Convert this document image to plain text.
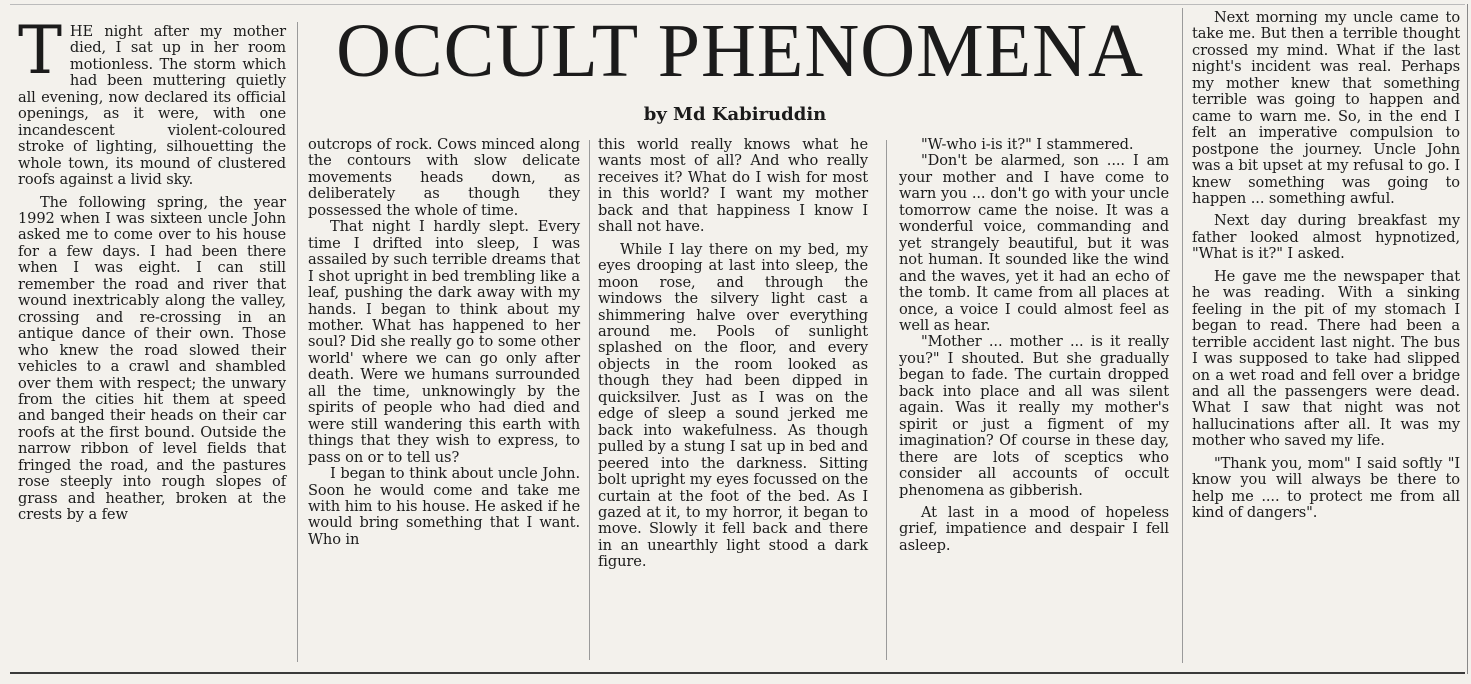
OCCULT PHENOMENA
by Md Kabiruddin

THE night after my mother died, I sat up in her room motionless. The storm which had been muttering quietly all evening, now declared its official openings, as it were, with one incandescent violent-coloured stroke of lighting, silhouetting the whole town, its mound of clustered roofs against a livid sky.

The following spring, the year 1992 when I was sixteen uncle John asked me to come over to his house for a few days. I had been there when I was eight. I can still remember the road and river that wound inextricably along the valley, crossing and re-crossing in an antique dance of their own. Those who knew the road slowed their vehicles to a crawl and shambled over them with respect; the unwary from the cities hit them at speed and banged their heads on their car roofs at the first bound. Outside the narrow ribbon of level fields that fringed the road, and the pastures rose steeply into rough slopes of grass and heather, broken at the crests by a few

outcrops of rock. Cows minced along the contours with slow delicate movements heads down, as deliberately as though they possessed the whole of time.

That night I hardly slept. Every time I drifted into sleep, I was assailed by such terrible dreams that I shot upright in bed trembling like a leaf, pushing the dark away with my hands. I began to think about my mother. What has happened to her soul? Did she really go to some other world' where we can go only after death. Were we humans surrounded all the time, unknowingly by the spirits of people who had died and were still wandering this earth with things that they wish to express, to pass on or to tell us?

I began to think about uncle John. Soon he would come and take me with him to his house. He asked if he would bring something that I want. Who in

this world really knows what he wants most of all? And who really receives it? What do I wish for most in this world? I want my mother back and that happiness I know I shall not have.

While I lay there on my bed, my eyes drooping at last into sleep, the moon rose, and through the windows the silvery light cast a shimmering halve over everything around me. Pools of sunlight splashed on the floor, and every objects in the room looked as though they had been dipped in quicksilver. Just as I was on the edge of sleep a sound jerked me back into wakefulness. As though pulled by a stung I sat up in bed and peered into the darkness. Sitting bolt upright my eyes focussed on the curtain at the foot of the bed. As I gazed at it, to my horror, it began to move. Slowly it fell back and there in an unearthly light stood a dark figure.

"W-who i-is it?" I stammered.

"Don't be alarmed, son .... I am your mother and I have come to warn you ... don't go with your uncle tomorrow came the noise. It was a wonderful voice, commanding and yet strangely beautiful, but it was not human. It sounded like the wind and the waves, yet it had an echo of the tomb. It came from all places at once, a voice I could almost feel as well as hear.

"Mother ... mother ... is it really you?" I shouted. But she gradually began to fade. The curtain dropped back into place and all was silent again. Was it really my mother's spirit or just a figment of my imagination? Of course in these day, there are lots of sceptics who consider all accounts of occult phenomena as gibberish.

At last in a mood of hopeless grief, impatience and despair I fell asleep.

Next morning my uncle came to take me. But then a terrible thought crossed my mind. What if the last night's incident was real. Perhaps my mother knew that something terrible was going to happen and came to warn me. So, in the end I felt an imperative compulsion to postpone the journey. Uncle John was a bit upset at my refusal to go. I knew something was going to happen ... something awful.

Next day during breakfast my father looked almost hypnotized, "What is it?" I asked.

He gave me the newspaper that he was reading. With a sinking feeling in the pit of my stomach I began to read. There had been a terrible accident last night. The bus I was supposed to take had slipped on a wet road and fell over a bridge and all the passengers were dead. What I saw that night was not hallucinations after all. It was my mother who saved my life.

"Thank you, mom" I said softly "I know you will always be there to help me .... to protect me from all kind of dangers".
